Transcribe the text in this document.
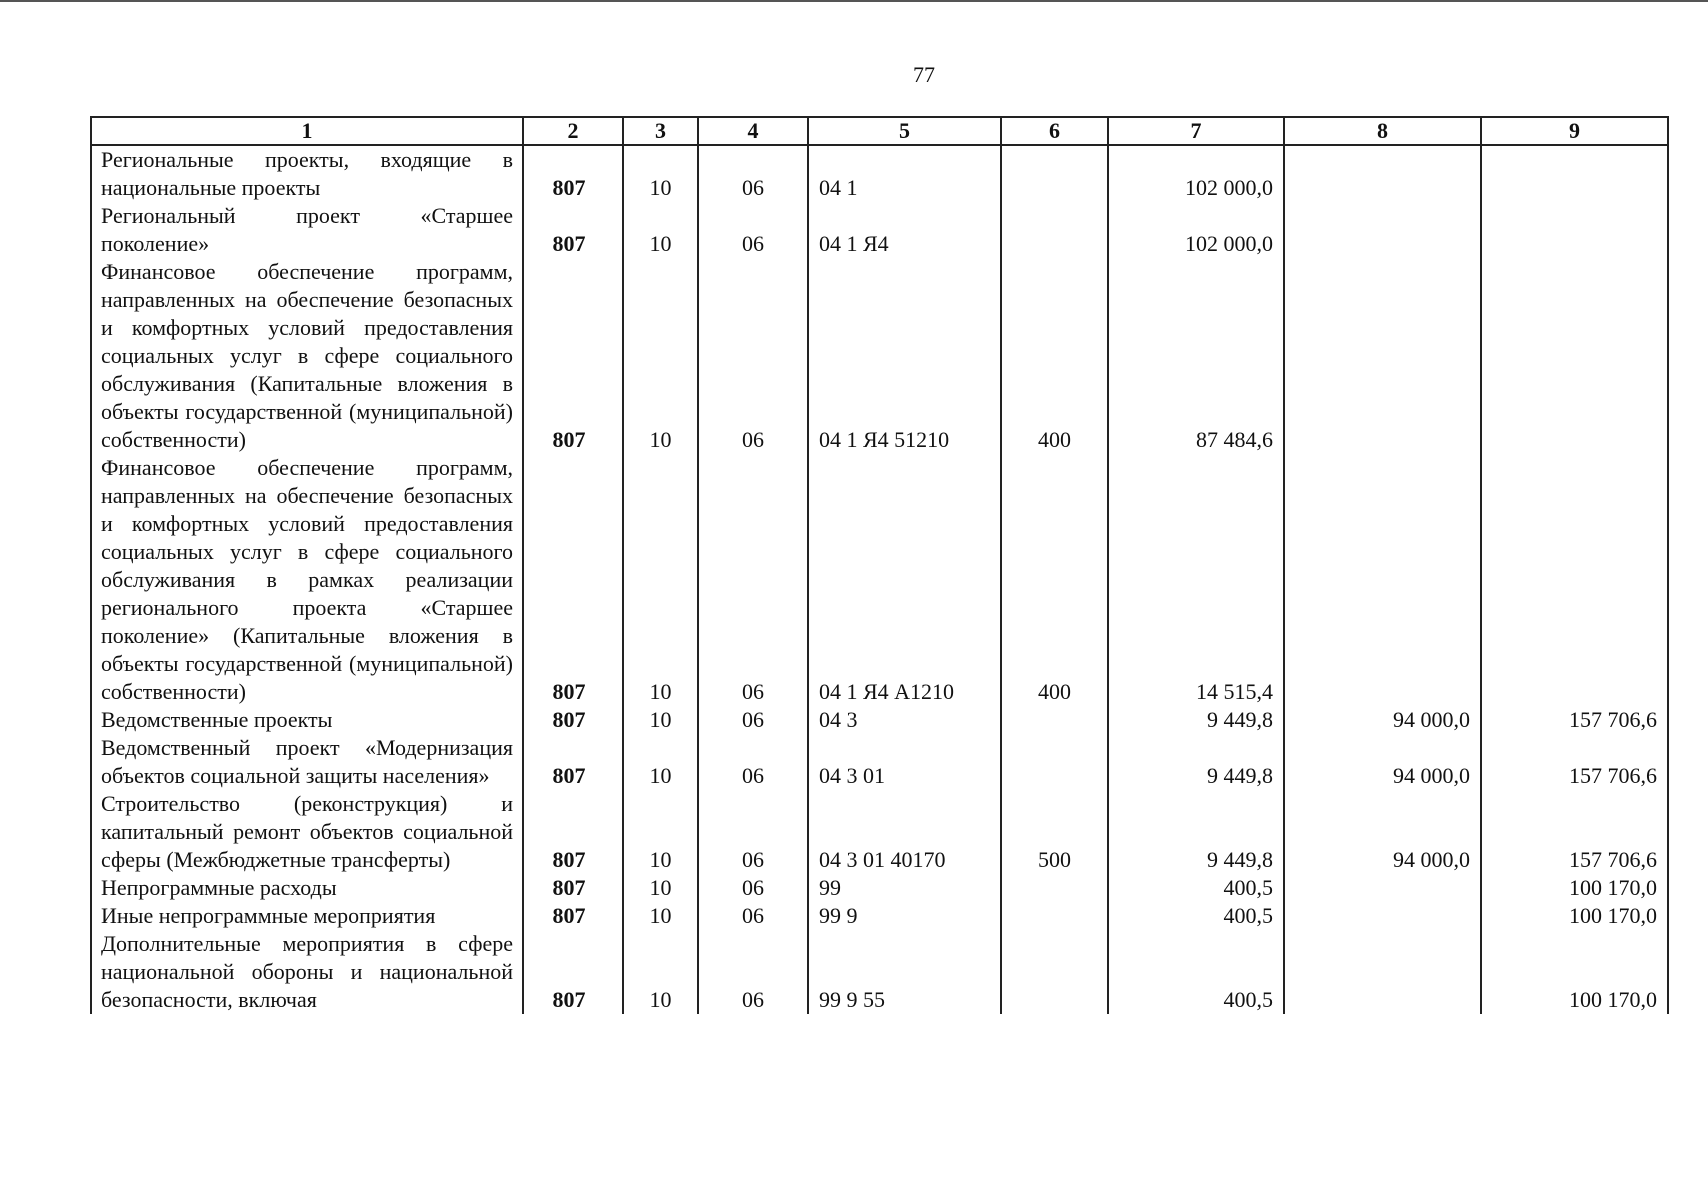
77
1	2	3	4	5	6	7	8	9
Региональные проекты, входящие в национальные проекты	807	10	06	04 1		102 000,0		
Региональный проект «Старшее поколение»	807	10	06	04 1 Я4		102 000,0		
Финансовое обеспечение программ, направленных на обеспечение безопасных и комфортных условий предоставления социальных услуг в сфере социального обслуживания (Капитальные вложения в объекты государственной (муниципальной) собственности)	807	10	06	04 1 Я4 51210	400	87 484,6		
Финансовое обеспечение программ, направленных на обеспечение безопасных и комфортных условий предоставления социальных услуг в сфере социального обслуживания в рамках реализации регионального проекта «Старшее поколение» (Капитальные вложения в объекты государственной (муниципальной) собственности)	807	10	06	04 1 Я4 А1210	400	14 515,4		
Ведомственные проекты	807	10	06	04 3		9 449,8	94 000,0	157 706,6
Ведомственный проект «Модернизация объектов социальной защиты населения»	807	10	06	04 3 01		9 449,8	94 000,0	157 706,6
Строительство (реконструкция) и капитальный ремонт объектов социальной сферы (Межбюджетные трансферты)	807	10	06	04 3 01 40170	500	9 449,8	94 000,0	157 706,6
Непрограммные расходы	807	10	06	99		400,5		100 170,0
Иные непрограммные мероприятия	807	10	06	99 9		400,5		100 170,0
Дополнительные мероприятия в сфере национальной обороны и национальной безопасности, включая	807	10	06	99 9 55		400,5		100 170,0
